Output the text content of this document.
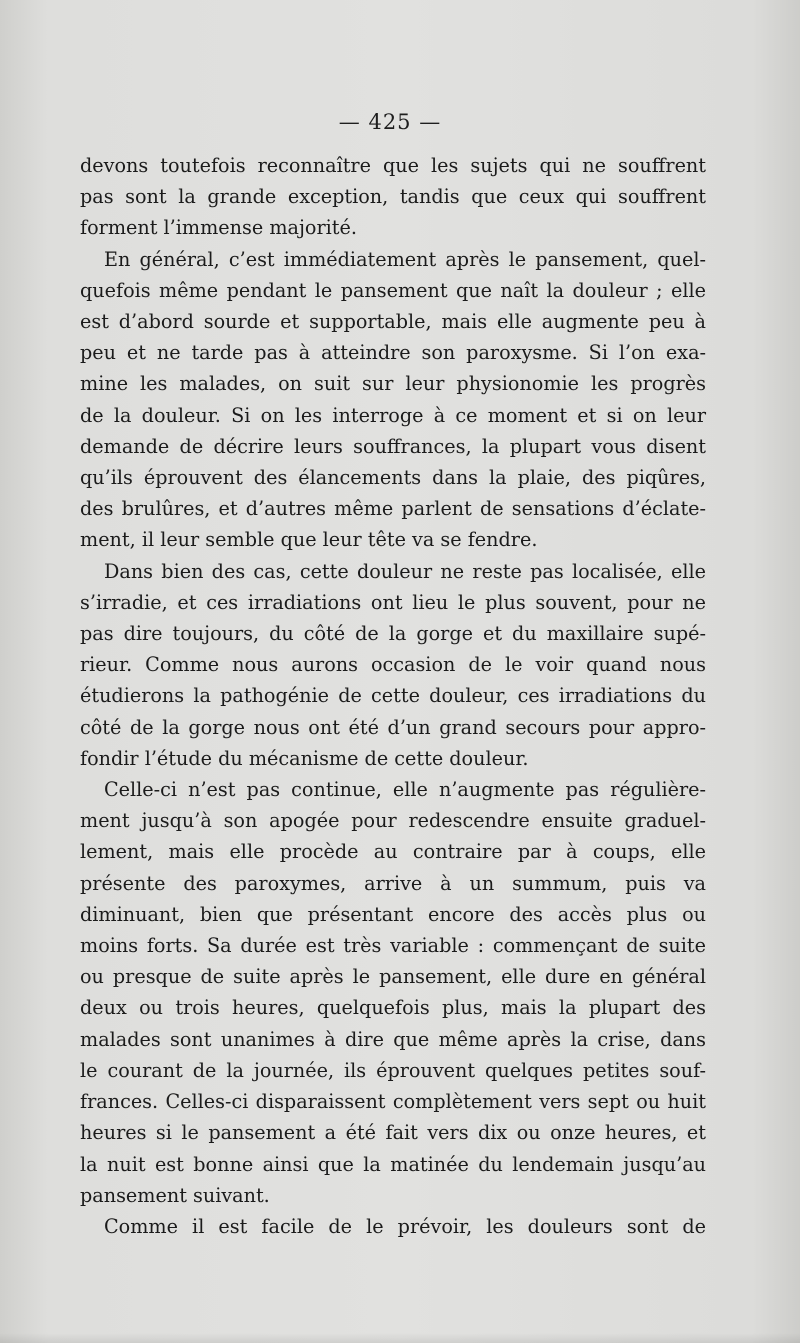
— 425 —
devons toutefois reconnaître que les sujets qui ne souffrent
pas sont la grande exception, tandis que ceux qui souffrent
forment l’immense majorité.
En général, c’est immédiatement après le pansement, quel-
quefois même pendant le pansement que naît la douleur ; elle
est d’abord sourde et supportable, mais elle augmente peu à
peu et ne tarde pas à atteindre son paroxysme. Si l’on exa-
mine les malades, on suit sur leur physionomie les progrès
de la douleur. Si on les interroge à ce moment et si on leur
demande de décrire leurs souffrances, la plupart vous disent
qu’ils éprouvent des élancements dans la plaie, des piqûres,
des brulûres, et d’autres même parlent de sensations d’éclate-
ment, il leur semble que leur tête va se fendre.
Dans bien des cas, cette douleur ne reste pas localisée, elle
s’irradie, et ces irradiations ont lieu le plus souvent, pour ne
pas dire toujours, du côté de la gorge et du maxillaire supé-
rieur. Comme nous aurons occasion de le voir quand nous
étudierons la pathogénie de cette douleur, ces irradiations du
côté de la gorge nous ont été d’un grand secours pour appro-
fondir l’étude du mécanisme de cette douleur.
Celle-ci n’est pas continue, elle n’augmente pas régulière-
ment jusqu’à son apogée pour redescendre ensuite graduel-
lement, mais elle procède au contraire par à coups, elle
présente des paroxymes, arrive à un summum, puis va
diminuant, bien que présentant encore des accès plus ou
moins forts. Sa durée est très variable : commençant de suite
ou presque de suite après le pansement, elle dure en général
deux ou trois heures, quelquefois plus, mais la plupart des
malades sont unanimes à dire que même après la crise, dans
le courant de la journée, ils éprouvent quelques petites souf-
frances. Celles-ci disparaissent complètement vers sept ou huit
heures si le pansement a été fait vers dix ou onze heures, et
la nuit est bonne ainsi que la matinée du lendemain jusqu’au
pansement suivant.
Comme il est facile de le prévoir, les douleurs sont de
